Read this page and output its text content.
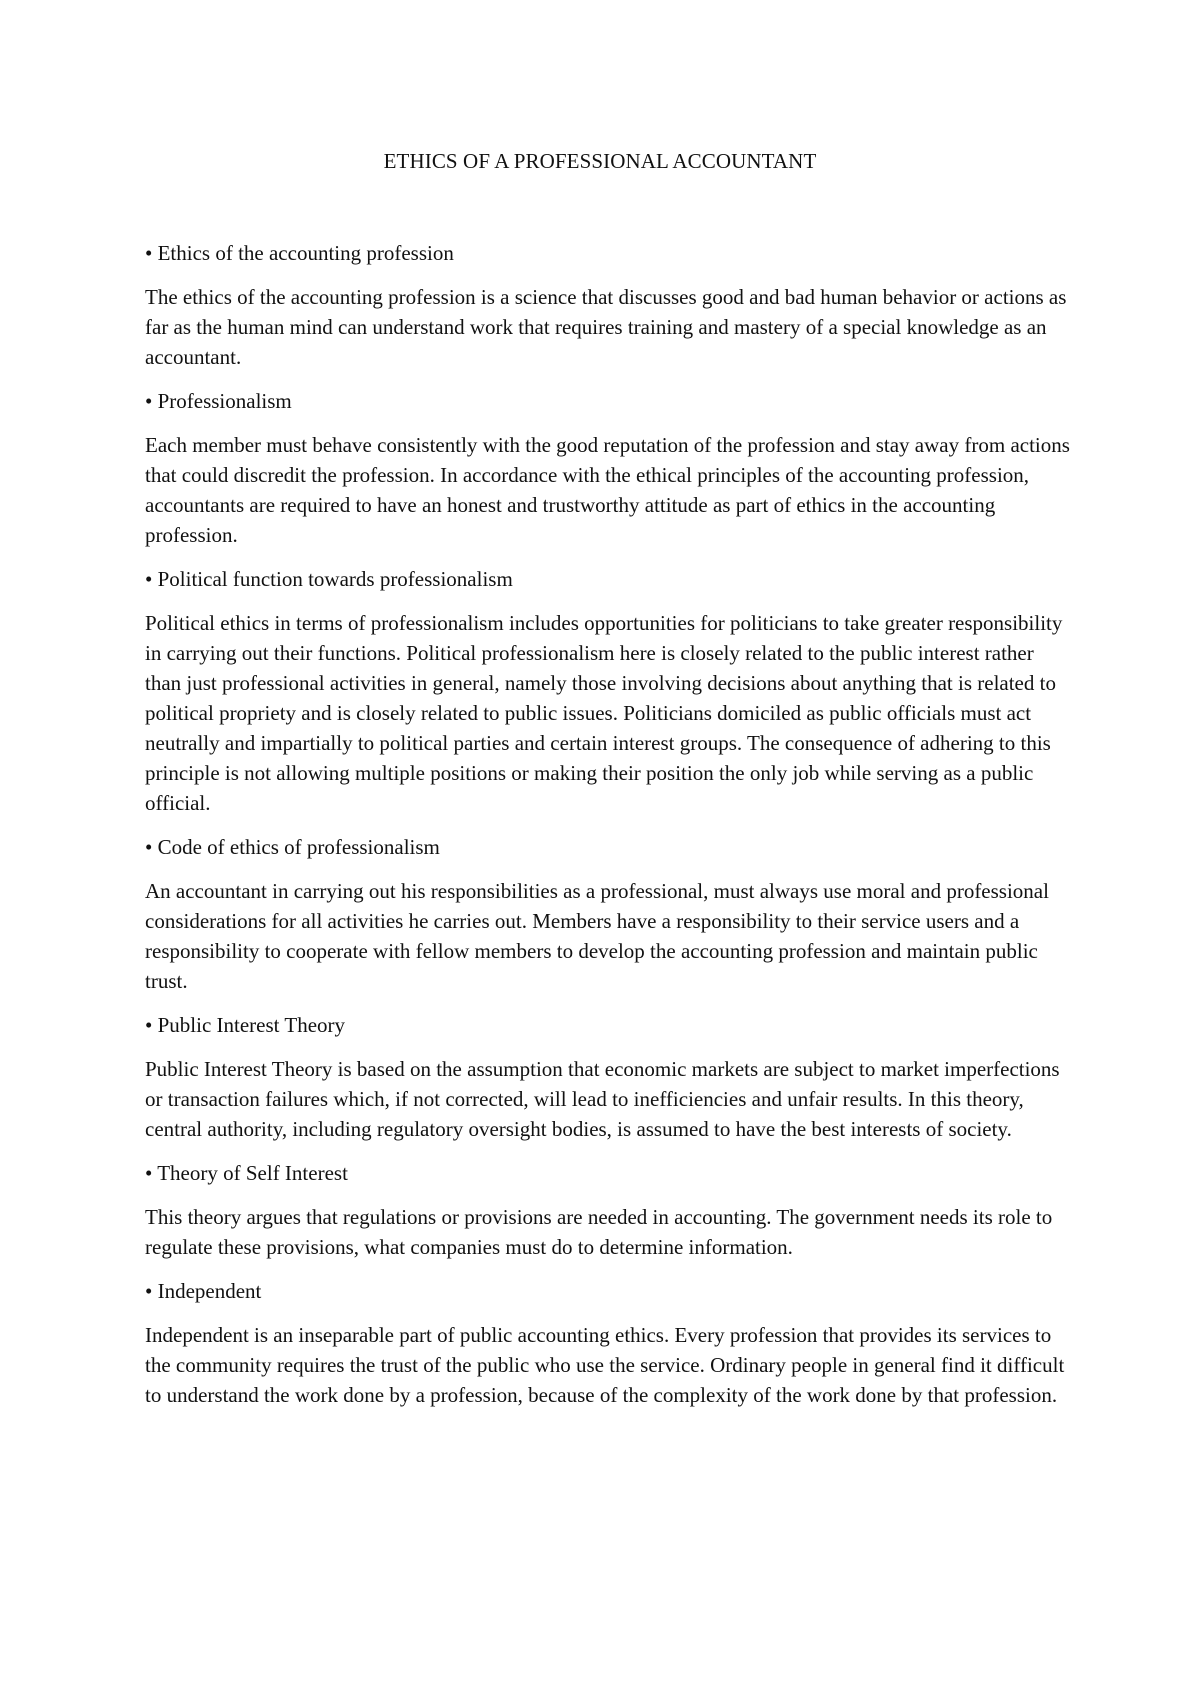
ETHICS OF A PROFESSIONAL ACCOUNTANT

• Ethics of the accounting profession

The ethics of the accounting profession is a science that discusses good and bad human behavior or actions as far as the human mind can understand work that requires training and mastery of a special knowledge as an accountant.

• Professionalism

Each member must behave consistently with the good reputation of the profession and stay away from actions that could discredit the profession. In accordance with the ethical principles of the accounting profession, accountants are required to have an honest and trustworthy attitude as part of ethics in the accounting profession.

• Political function towards professionalism

Political ethics in terms of professionalism includes opportunities for politicians to take greater responsibility in carrying out their functions. Political professionalism here is closely related to the public interest rather than just professional activities in general, namely those involving decisions about anything that is related to political propriety and is closely related to public issues. Politicians domiciled as public officials must act neutrally and impartially to political parties and certain interest groups. The consequence of adhering to this principle is not allowing multiple positions or making their position the only job while serving as a public official.

• Code of ethics of professionalism

An accountant in carrying out his responsibilities as a professional, must always use moral and professional considerations for all activities he carries out. Members have a responsibility to their service users and a responsibility to cooperate with fellow members to develop the accounting profession and maintain public trust.

• Public Interest Theory

Public Interest Theory is based on the assumption that economic markets are subject to market imperfections or transaction failures which, if not corrected, will lead to inefficiencies and unfair results. In this theory, central authority, including regulatory oversight bodies, is assumed to have the best interests of society.

• Theory of Self Interest

This theory argues that regulations or provisions are needed in accounting. The government needs its role to regulate these provisions, what companies must do to determine information.

• Independent

Independent is an inseparable part of public accounting ethics. Every profession that provides its services to the community requires the trust of the public who use the service. Ordinary people in general find it difficult to understand the work done by a profession, because of the complexity of the work done by that profession.
